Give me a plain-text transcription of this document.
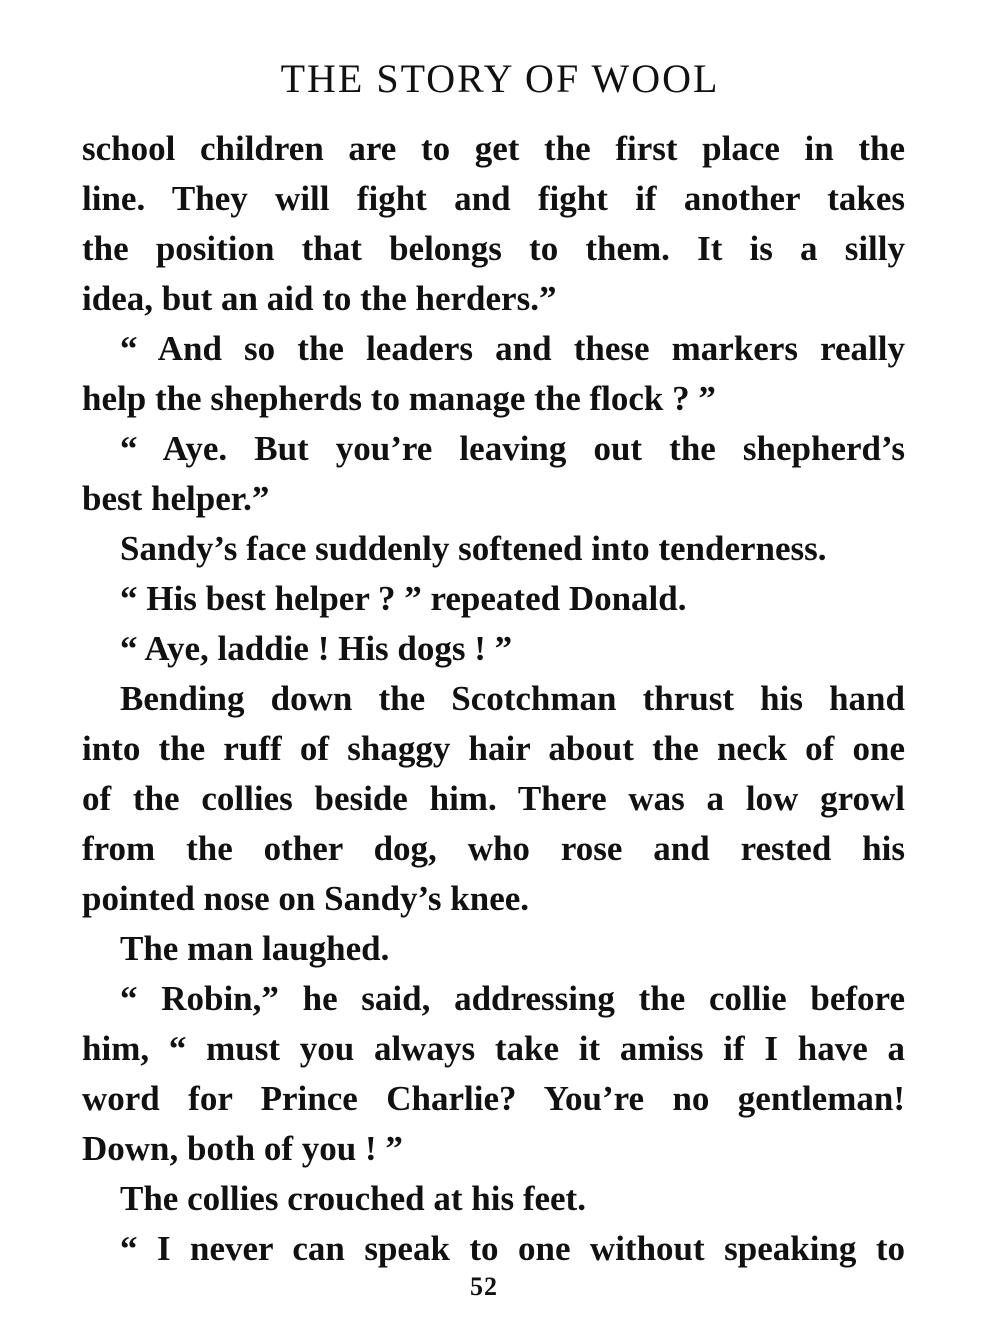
THE STORY OF WOOL
school children are to get the first place in the
line. They will fight and fight if another takes
the position that belongs to them. It is a silly
idea, but an aid to the herders.”
“ And so the leaders and these markers really
help the shepherds to manage the flock ? ”
“ Aye. But you’re leaving out the shepherd’s
best helper.”
Sandy’s face suddenly softened into tenderness.
“ His best helper ? ” repeated Donald.
“ Aye, laddie ! His dogs ! ”
Bending down the Scotchman thrust his hand
into the ruff of shaggy hair about the neck of one
of the collies beside him. There was a low growl
from the other dog, who rose and rested his
pointed nose on Sandy’s knee.
The man laughed.
“ Robin,” he said, addressing the collie before
him, “ must you always take it amiss if I have a
word for Prince Charlie? You’re no gentleman!
Down, both of you ! ”
The collies crouched at his feet.
“ I never can speak to one without speaking to
52
